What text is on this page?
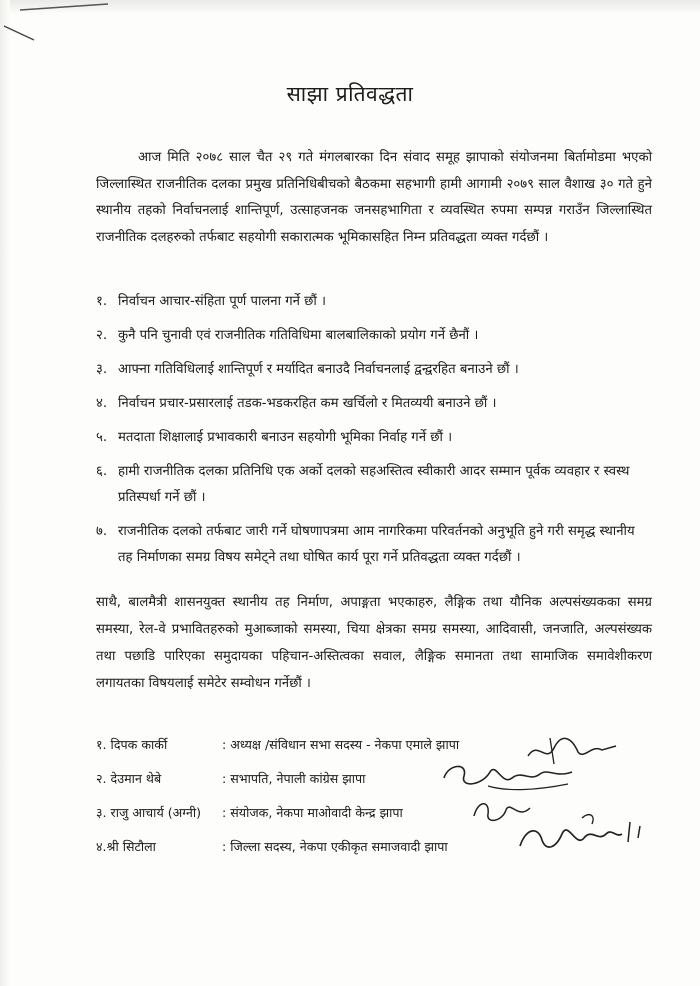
साझा प्रतिवद्धता

आज मिति २०७८ साल चैत २९ गते मंगलबारका दिन संवाद समूह झापाको संयोजनमा बिर्तामोडमा भएको जिल्लास्थित राजनीतिक दलका प्रमुख प्रतिनिधिबीचको बैठकमा सहभागी हामी आगामी २०७९ साल वैशाख ३० गते हुने स्थानीय तहको निर्वाचनलाई शान्तिपूर्ण, उत्साहजनक जनसहभागिता र व्यवस्थित रुपमा सम्पन्न गराउँन जिल्लास्थित राजनीतिक दलहरुको तर्फबाट सहयोगी सकारात्मक भूमिकासहित निम्न प्रतिवद्धता व्यक्त गर्दछौं ।

१. निर्वाचन आचार-संहिता पूर्ण पालना गर्ने छौं ।
२. कुनै पनि चुनावी एवं राजनीतिक गतिविधिमा बालबालिकाको प्रयोग गर्ने छैनौं ।
३. आफ्ना गतिविधिलाई शान्तिपूर्ण र मर्यादित बनाउदै निर्वाचनलाई द्वन्द्वरहित बनाउने छौं ।
४. निर्वाचन प्रचार-प्रसारलाई तडक-भडकरहित कम खर्चिलो र मितव्ययी बनाउने छौं ।
५. मतदाता शिक्षालाई प्रभावकारी बनाउन सहयोगी भूमिका निर्वाह गर्ने छौं ।
६. हामी राजनीतिक दलका प्रतिनिधि एक अर्को दलको सहअस्तित्व स्वीकारी आदर सम्मान पूर्वक व्यवहार र स्वस्थ प्रतिस्पर्धा गर्ने छौं ।
७. राजनीतिक दलको तर्फबाट जारी गर्ने घोषणापत्रमा आम नागरिकमा परिवर्तनको अनुभूति हुने गरी समृद्ध स्थानीय तह निर्माणका समग्र विषय समेट्ने तथा घोषित कार्य पूरा गर्ने प्रतिवद्धता व्यक्त गर्दछौं ।

साथै, बालमैत्री शासनयुक्त स्थानीय तह निर्माण, अपाङ्गता भएकाहरु, लैङ्गिक तथा यौनिक अल्पसंख्यकका समग्र समस्या, रेल-वे प्रभावितहरुको मुआब्जाको समस्या, चिया क्षेत्रका समग्र समस्या, आदिवासी, जनजाति, अल्पसंख्यक तथा पछाडि पारिएका समुदायका पहिचान-अस्तित्वका सवाल, लैङ्गिक समानता तथा सामाजिक समावेशीकरण लगायतका विषयलाई समेटेर सम्वोधन गर्नेछौं ।

१. दिपक कार्की	: अध्यक्ष /संविधान सभा सदस्य - नेकपा एमाले झापा
२. देउमान थेबे	: सभापति, नेपाली कांग्रेस झापा
३. राजु आचार्य (अग्नी)	: संयोजक, नेकपा माओवादी केन्द्र झापा
४.श्री सिटौला	: जिल्ला सदस्य, नेकपा एकीकृत समाजवादी झापा
